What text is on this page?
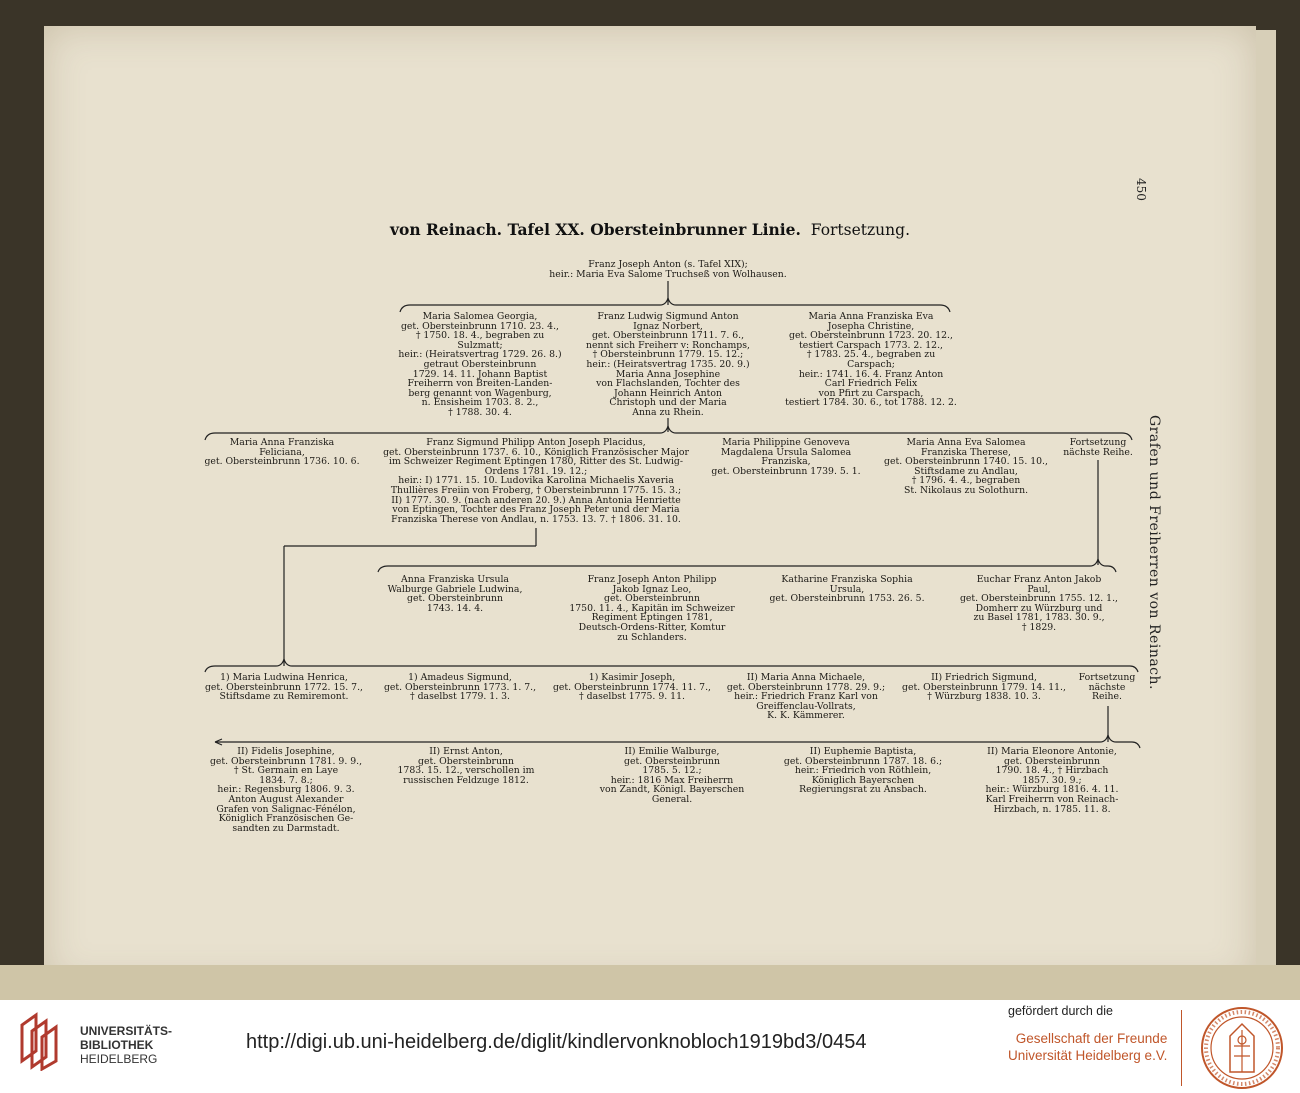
450
Grafen und Freiherren von Reinach.
von Reinach. Tafel XX. Obersteinbrunner Linie. Fortsetzung.
Franz Joseph Anton (s. Tafel XIX);
heir.: Maria Eva Salome Truchseß von Wolhausen.
Maria Salomea Georgia,
get. Obersteinbrunn 1710. 23. 4.,
† 1750. 18. 4., begraben zu
Sulzmatt;
heir.: (Heiratsvertrag 1729. 26. 8.)
getraut Obersteinbrunn
1729. 14. 11. Johann Baptist
Freiherrn von Breiten-Landen-
berg genannt von Wagenburg,
n. Ensisheim 1703. 8. 2.,
† 1788. 30. 4.
Franz Ludwig Sigmund Anton
Ignaz Norbert,
get. Obersteinbrunn 1711. 7. 6.,
nennt sich Freiherr v: Ronchamps,
† Obersteinbrunn 1779. 15. 12.;
heir.: (Heiratsvertrag 1735. 20. 9.)
Maria Anna Josephine
von Flachslanden, Tochter des
Johann Heinrich Anton
Christoph und der Maria
Anna zu Rhein.
Maria Anna Franziska Eva
Josepha Christine,
get. Obersteinbrunn 1723. 20. 12.,
testiert Carspach 1773. 2. 12.,
† 1783. 25. 4., begraben zu
Carspach;
heir.: 1741. 16. 4. Franz Anton
Carl Friedrich Felix
von Pfirt zu Carspach,
testiert 1784. 30. 6., tot 1788. 12. 2.
Maria Anna Franziska
Feliciana,
get. Obersteinbrunn 1736. 10. 6.
Franz Sigmund Philipp Anton Joseph Placidus,
get. Obersteinbrunn 1737. 6. 10., Königlich Französischer Major
im Schweizer Regiment Eptingen 1780, Ritter des St. Ludwig-
Ordens 1781. 19. 12.;
heir.: I) 1771. 15. 10. Ludovika Karolina Michaelis Xaveria
Thullières Freiin von Froberg, † Obersteinbrunn 1775. 15. 3.;
II) 1777. 30. 9. (nach anderen 20. 9.) Anna Antonia Henriette
von Eptingen, Tochter des Franz Joseph Peter und der Maria
Franziska Therese von Andlau, n. 1753. 13. 7. † 1806. 31. 10.
Maria Philippine Genoveva
Magdalena Ursula Salomea
Franziska,
get. Obersteinbrunn 1739. 5. 1.
Maria Anna Eva Salomea
Franziska Therese,
get. Obersteinbrunn 1740. 15. 10.,
Stiftsdame zu Andlau,
† 1796. 4. 4., begraben
St. Nikolaus zu Solothurn.
Fortsetzung
nächste Reihe.
Anna Franziska Ursula
Walburge Gabriele Ludwina,
get. Obersteinbrunn
1743. 14. 4.
Franz Joseph Anton Philipp
Jakob Ignaz Leo,
get. Obersteinbrunn
1750. 11. 4., Kapitän im Schweizer
Regiment Eptingen 1781,
Deutsch-Ordens-Ritter, Komtur
zu Schlanders.
Katharine Franziska Sophia
Ursula,
get. Obersteinbrunn 1753. 26. 5.
Euchar Franz Anton Jakob
Paul,
get. Obersteinbrunn 1755. 12. 1.,
Domherr zu Würzburg und
zu Basel 1781, 1783. 30. 9.,
† 1829.
1) Maria Ludwina Henrica,
get. Obersteinbrunn 1772. 15. 7.,
Stiftsdame zu Remiremont.
1) Amadeus Sigmund,
get. Obersteinbrunn 1773. 1. 7.,
† daselbst 1779. 1. 3.
1) Kasimir Joseph,
get. Obersteinbrunn 1774. 11. 7.,
† daselbst 1775. 9. 11.
II) Maria Anna Michaele,
get. Obersteinbrunn 1778. 29. 9.;
heir.: Friedrich Franz Karl von
Greiffenclau-Vollrats,
K. K. Kämmerer.
II) Friedrich Sigmund,
get. Obersteinbrunn 1779. 14. 11.,
† Würzburg 1838. 10. 3.
Fortsetzung
nächste
Reihe.
II) Fidelis Josephine,
get. Obersteinbrunn 1781. 9. 9.,
† St. Germain en Laye
1834. 7. 8.;
heir.: Regensburg 1806. 9. 3.
Anton August Alexander
Grafen von Salignac-Fénélon,
Königlich Französischen Ge-
sandten zu Darmstadt.
II) Ernst Anton,
get. Obersteinbrunn
1783. 15. 12., verschollen im
russischen Feldzuge 1812.
II) Emilie Walburge,
get. Obersteinbrunn
1785. 5. 12.;
heir.: 1816 Max Freiherrn
von Zandt, Königl. Bayerschen
General.
II) Euphemie Baptista,
get. Obersteinbrunn 1787. 18. 6.;
heir.: Friedrich von Röthlein,
Königlich Bayerschen
Regierungsrat zu Ansbach.
II) Maria Eleonore Antonie,
get. Obersteinbrunn
1790. 18. 4., † Hirzbach
1857. 30. 9.;
heir.: Würzburg 1816. 4. 11.
Karl Freiherrn von Reinach-
Hirzbach, n. 1785. 11. 8.
UNIVERSITÄTS-
BIBLIOTHEK
HEIDELBERG
http://digi.ub.uni-heidelberg.de/diglit/kindlervonknobloch1919bd3/0454
gefördert durch die
Gesellschaft der Freunde
Universität Heidelberg e.V.
